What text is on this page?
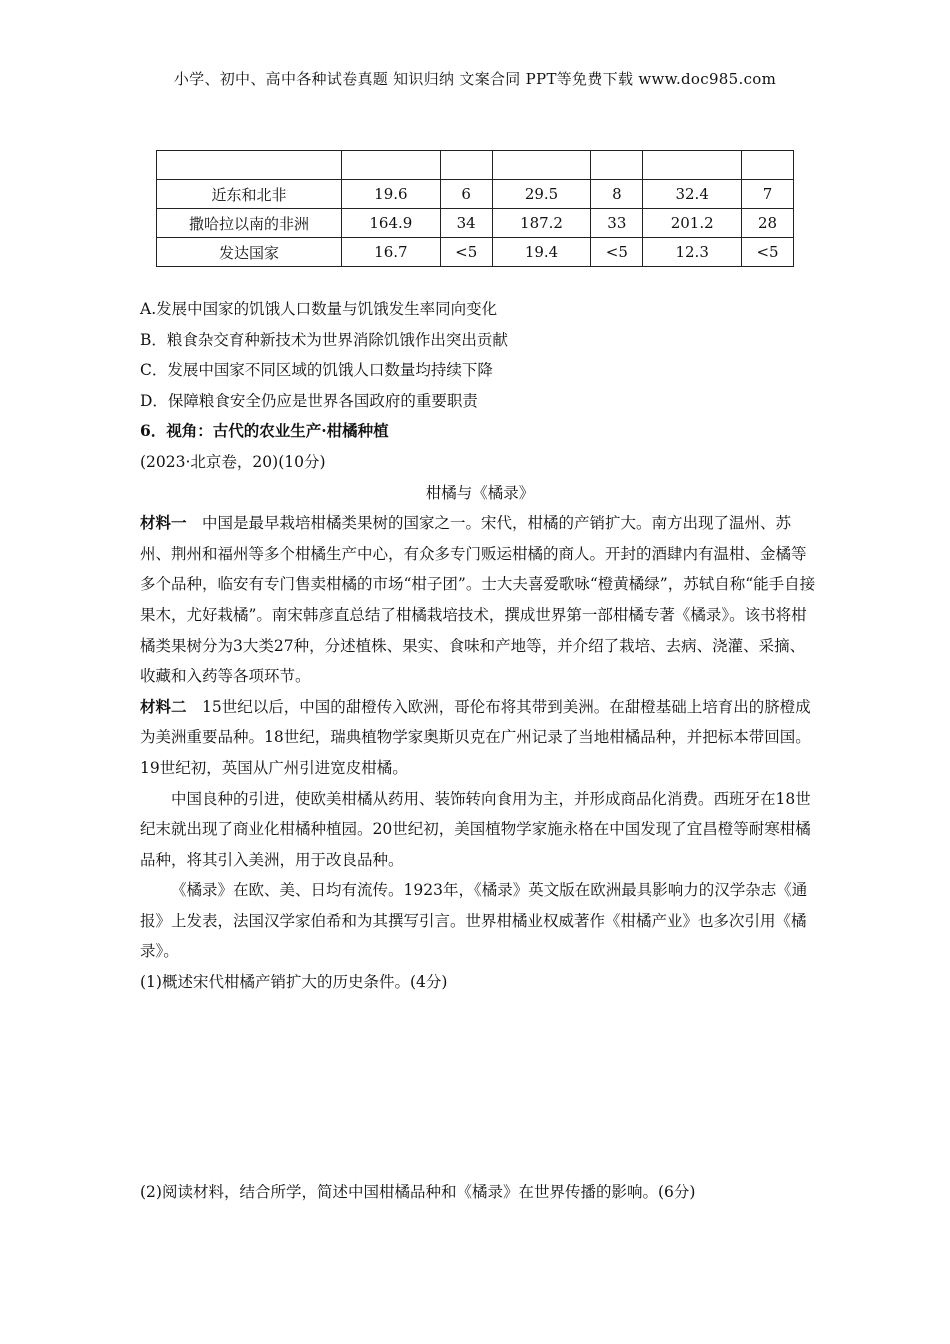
小学、初中、高中各种试卷真题 知识归纳 文案合同 PPT等免费下载 www.doc985.com

近东和北非	19.6	6	29.5	8	32.4	7
撒哈拉以南的非洲	164.9	34	187.2	33	201.2	28
发达国家	16.7	<5	19.4	<5	12.3	<5

A.发展中国家的饥饿人口数量与饥饿发生率同向变化

B．粮食杂交育种新技术为世界消除饥饿作出突出贡献

C．发展中国家不同区域的饥饿人口数量均持续下降

D．保障粮食安全仍应是世界各国政府的重要职责

6．视角：古代的农业生产·柑橘种植

(2023·北京卷，20)(10分)

柑橘与《橘录》

材料一　中国是最早栽培柑橘类果树的国家之一。宋代，柑橘的产销扩大。南方出现了温州、苏州、荆州和福州等多个柑橘生产中心，有众多专门贩运柑橘的商人。开封的酒肆内有温柑、金橘等多个品种，临安有专门售卖柑橘的市场“柑子团”。士大夫喜爱歌咏“橙黄橘绿”，苏轼自称“能手自接果木，尤好栽橘”。南宋韩彦直总结了柑橘栽培技术，撰成世界第一部柑橘专著《橘录》。该书将柑橘类果树分为3大类27种，分述植株、果实、食味和产地等，并介绍了栽培、去病、浇灌、采摘、收藏和入药等各项环节。

材料二　15世纪以后，中国的甜橙传入欧洲，哥伦布将其带到美洲。在甜橙基础上培育出的脐橙成为美洲重要品种。18世纪，瑞典植物学家奥斯贝克在广州记录了当地柑橘品种，并把标本带回国。19世纪初，英国从广州引进宽皮柑橘。

中国良种的引进，使欧美柑橘从药用、装饰转向食用为主，并形成商品化消费。西班牙在18世纪末就出现了商业化柑橘种植园。20世纪初，美国植物学家施永格在中国发现了宜昌橙等耐寒柑橘品种，将其引入美洲，用于改良品种。

《橘录》在欧、美、日均有流传。1923年，《橘录》英文版在欧洲最具影响力的汉学杂志《通报》上发表，法国汉学家伯希和为其撰写引言。世界柑橘业权威著作《柑橘产业》也多次引用《橘录》。

(1)概述宋代柑橘产销扩大的历史条件。(4分)

(2)阅读材料，结合所学，简述中国柑橘品种和《橘录》在世界传播的影响。(6分)
